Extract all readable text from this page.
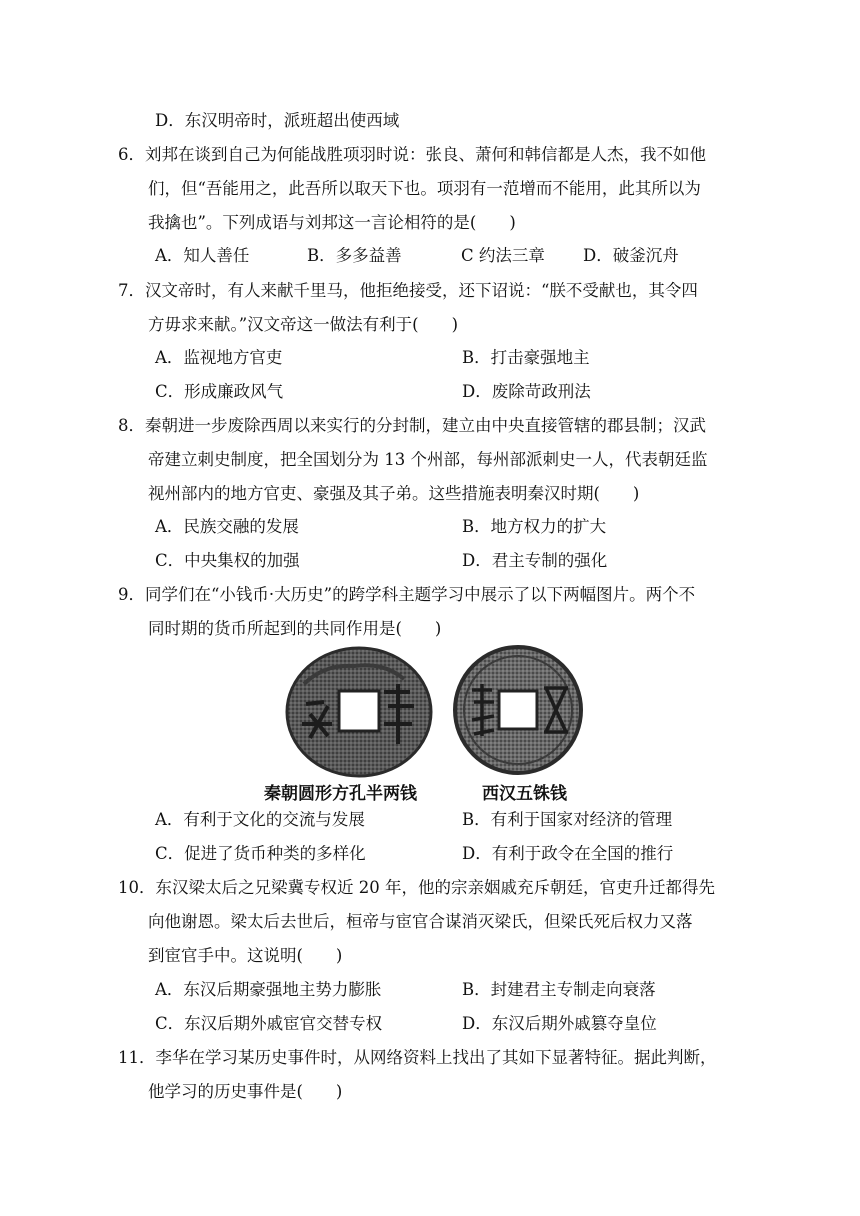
D．东汉明帝时，派班超出使西域
6．刘邦在谈到自己为何能战胜项羽时说：张良、萧何和韩信都是人杰，我不如他
们，但“吾能用之，此吾所以取天下也。项羽有一范增而不能用，此其所以为
我擒也”。下列成语与刘邦这一言论相符的是(　　)
A．知人善任	B．多多益善	C 约法三章 D．破釜沉舟
7．汉文帝时，有人来献千里马，他拒绝接受，还下诏说：“朕不受献也，其令四
方毋求来献。”汉文帝这一做法有利于(　　)
A．监视地方官吏	B．打击豪强地主
C．形成廉政风气	D．废除苛政刑法
8．秦朝进一步废除西周以来实行的分封制，建立由中央直接管辖的郡县制；汉武
帝建立刺史制度，把全国划分为 13 个州部，每州部派刺史一人，代表朝廷监
视州部内的地方官吏、豪强及其子弟。这些措施表明秦汉时期(　　)
A．民族交融的发展	B．地方权力的扩大
C．中央集权的加强	D．君主专制的强化
9．同学们在“小钱币·大历史”的跨学科主题学习中展示了以下两幅图片。两个不
同时期的货币所起到的共同作用是(　　)
秦朝圆形方孔半两钱	西汉五铢钱
A．有利于文化的交流与发展	B．有利于国家对经济的管理
C．促进了货币种类的多样化	D．有利于政令在全国的推行
10．东汉梁太后之兄梁冀专权近 20 年，他的宗亲姻戚充斥朝廷，官吏升迁都得先
向他谢恩。梁太后去世后，桓帝与宦官合谋消灭梁氏，但梁氏死后权力又落
到宦官手中。这说明(　　)
A．东汉后期豪强地主势力膨胀	B．封建君主专制走向衰落
C．东汉后期外戚宦官交替专权	D．东汉后期外戚篡夺皇位
11．李华在学习某历史事件时，从网络资料上找出了其如下显著特征。据此判断，
他学习的历史事件是(　　)
